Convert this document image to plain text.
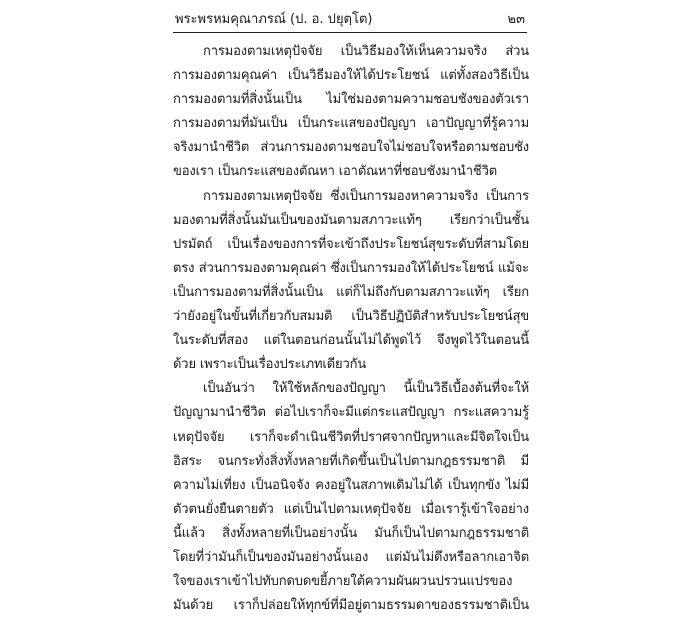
พระพรหมคุณาภรณ์ (ป. อ. ปยุตฺโต)	๒๓
การมองตามเหตุปัจจัย เป็นวิธีมองให้เห็นความจริง ส่วน
การมองตามคุณค่า เป็นวิธีมองให้ได้ประโยชน์ แต่ทั้งสองวิธีเป็น
การมองตามที่สิ่งนั้นเป็น ไม่ใช่มองตามความชอบชังของตัวเรา
การมองตามที่มันเป็น เป็นกระแสของปัญญา เอาปัญญาที่รู้ความ
จริงมานำชีวิต ส่วนการมองตามชอบใจไม่ชอบใจหรือตามชอบชัง
ของเรา เป็นกระแสของตัณหา เอาตัณหาที่ชอบชังมานำชีวิต
การมองตามเหตุปัจจัย ซึ่งเป็นการมองหาความจริง เป็นการ
มองตามที่สิ่งนั้นมันเป็นของมันตามสภาวะแท้ๆ เรียกว่าเป็นชั้น
ปรมัตถ์ เป็นเรื่องของการที่จะเข้าถึงประโยชน์สุขระดับที่สามโดย
ตรง ส่วนการมองตามคุณค่า ซึ่งเป็นการมองให้ได้ประโยชน์ แม้จะ
เป็นการมองตามที่สิ่งนั้นเป็น แต่ก็ไม่ถึงกับตามสภาวะแท้ๆ เรียก
ว่ายังอยู่ในขั้นที่เกี่ยวกับสมมติ เป็นวิธีปฏิบัติสำหรับประโยชน์สุข
ในระดับที่สอง แต่ในตอนก่อนนั้นไม่ได้พูดไว้ จึงพูดไว้ในตอนนี้
ด้วย เพราะเป็นเรื่องประเภทเดียวกัน
เป็นอันว่า ให้ใช้หลักของปัญญา นี้เป็นวิธีเบื้องต้นที่จะให้
ปัญญามานำชีวิต ต่อไปเราก็จะมีแต่กระแสปัญญา กระแสความรู้
เหตุปัจจัย เราก็จะดำเนินชีวิตที่ปราศจากปัญหาและมีจิตใจเป็น
อิสระ จนกระทั่งสิ่งทั้งหลายที่เกิดขึ้นเป็นไปตามกฎธรรมชาติ มี
ความไม่เที่ยง เป็นอนิจจัง คงอยู่ในสภาพเดิมไม่ได้ เป็นทุกขัง ไม่มี
ตัวตนยั่งยืนตายตัว แต่เป็นไปตามเหตุปัจจัย เมื่อเรารู้เข้าใจอย่าง
นี้แล้ว สิ่งทั้งหลายที่เป็นอย่างนั้น มันก็เป็นไปตามกฎธรรมชาติ
โดยที่ว่ามันก็เป็นของมันอย่างนั้นเอง แต่มันไม่ดึงหรือลากเอาจิต
ใจของเราเข้าไปทับกดบดขยี้ภายใต้ความผันผวนปรวนแปรของ
มันด้วย เราก็ปล่อยให้ทุกข์ที่มีอยู่ตามธรรมดาของธรรมชาติเป็น
